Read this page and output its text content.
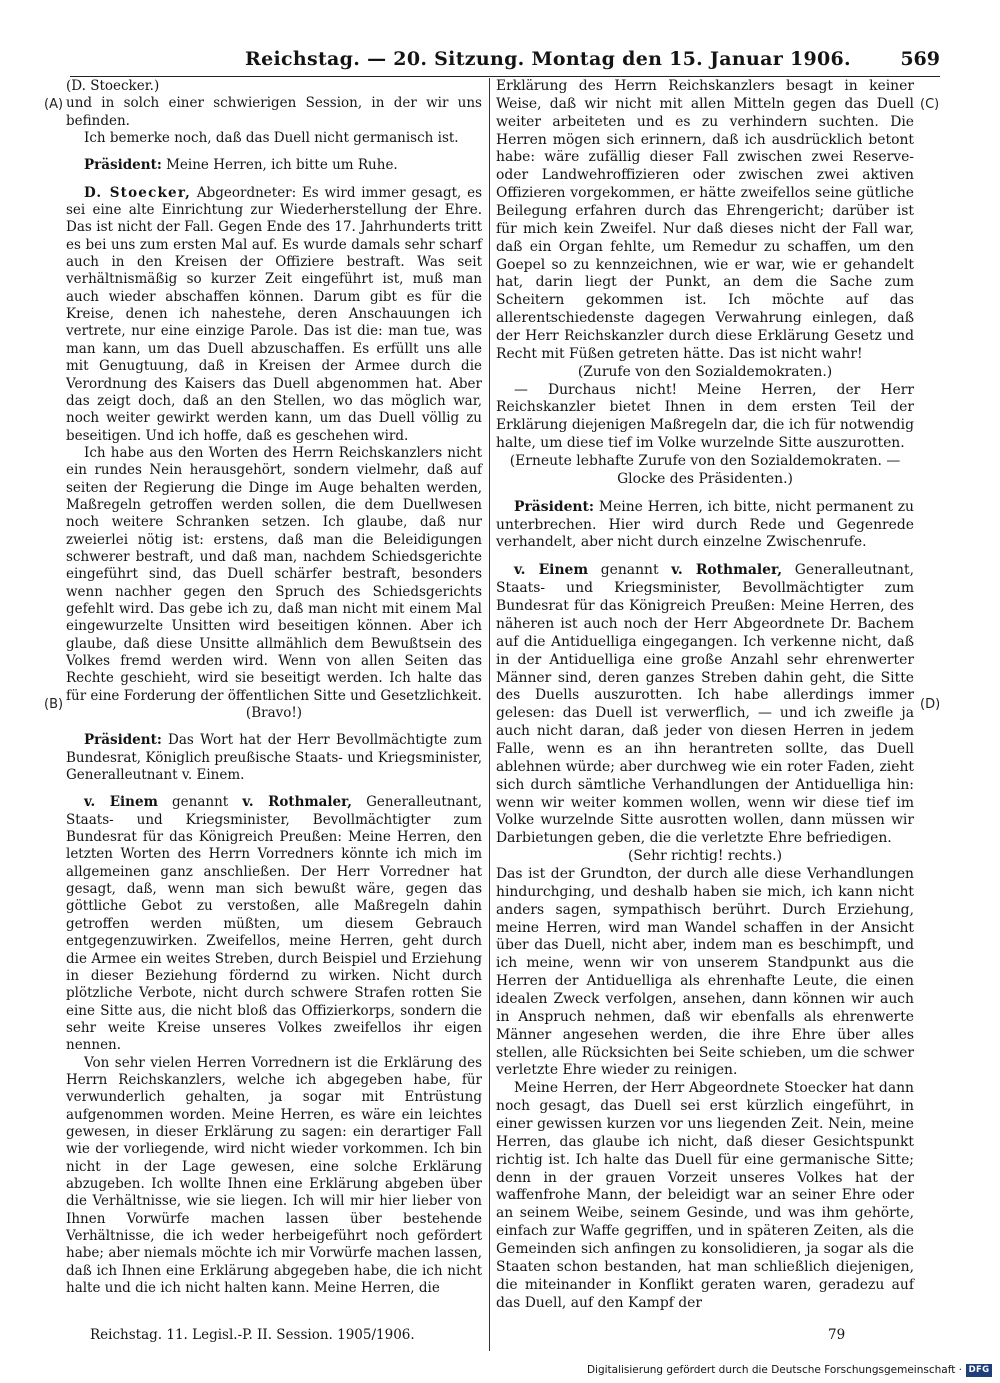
Reichstag. — 20. Sitzung. Montag den 15. Januar 1906.	569
(A)
(B)
(C)
(D)

(D. Stoecker.)

und in solch einer schwierigen Session, in der wir uns befinden.

Ich bemerke noch, daß das Duell nicht germanisch ist.

Präsident: Meine Herren, ich bitte um Ruhe.

D. Stoecker, Abgeordneter: Es wird immer gesagt, es sei eine alte Einrichtung zur Wiederherstellung der Ehre. Das ist nicht der Fall. Gegen Ende des 17. Jahrhunderts tritt es bei uns zum ersten Mal auf. Es wurde damals sehr scharf auch in den Kreisen der Offiziere bestraft. Was seit verhältnismäßig so kurzer Zeit eingeführt ist, muß man auch wieder abschaffen können. Darum gibt es für die Kreise, denen ich nahestehe, deren Anschauungen ich vertrete, nur eine einzige Parole. Das ist die: man tue, was man kann, um das Duell abzuschaffen. Es erfüllt uns alle mit Genugtuung, daß in Kreisen der Armee durch die Verordnung des Kaisers das Duell abgenommen hat. Aber das zeigt doch, daß an den Stellen, wo das möglich war, noch weiter gewirkt werden kann, um das Duell völlig zu beseitigen. Und ich hoffe, daß es geschehen wird.

Ich habe aus den Worten des Herrn Reichskanzlers nicht ein rundes Nein herausgehört, sondern vielmehr, daß auf seiten der Regierung die Dinge im Auge behalten werden, Maßregeln getroffen werden sollen, die dem Duellwesen noch weitere Schranken setzen. Ich glaube, daß nur zweierlei nötig ist: erstens, daß man die Beleidigungen schwerer bestraft, und daß man, nachdem Schiedsgerichte eingeführt sind, das Duell schärfer bestraft, besonders wenn nachher gegen den Spruch des Schiedsgerichts gefehlt wird. Das gebe ich zu, daß man nicht mit einem Mal eingewurzelte Unsitten wird beseitigen können. Aber ich glaube, daß diese Unsitte allmählich dem Bewußtsein des Volkes fremd werden wird. Wenn von allen Seiten das Rechte geschieht, wird sie beseitigt werden. Ich halte das für eine Forderung der öffentlichen Sitte und Gesetzlichkeit.

(Bravo!)

Präsident: Das Wort hat der Herr Bevollmächtigte zum Bundesrat, Königlich preußische Staats- und Kriegsminister, Generalleutnant v. Einem.

v. Einem genannt v. Rothmaler, Generalleutnant, Staats- und Kriegsminister, Bevollmächtigter zum Bundesrat für das Königreich Preußen: Meine Herren, den letzten Worten des Herrn Vorredners könnte ich mich im allgemeinen ganz anschließen. Der Herr Vorredner hat gesagt, daß, wenn man sich bewußt wäre, gegen das göttliche Gebot zu verstoßen, alle Maßregeln dahin getroffen werden müßten, um diesem Gebrauch entgegenzuwirken. Zweifellos, meine Herren, geht durch die Armee ein weites Streben, durch Beispiel und Erziehung in dieser Beziehung fördernd zu wirken. Nicht durch plötzliche Verbote, nicht durch schwere Strafen rotten Sie eine Sitte aus, die nicht bloß das Offizierkorps, sondern die sehr weite Kreise unseres Volkes zweifellos ihr eigen nennen.

Von sehr vielen Herren Vorrednern ist die Erklärung des Herrn Reichskanzlers, welche ich abgegeben habe, für verwunderlich gehalten, ja sogar mit Entrüstung aufgenommen worden. Meine Herren, es wäre ein leichtes gewesen, in dieser Erklärung zu sagen: ein derartiger Fall wie der vorliegende, wird nicht wieder vorkommen. Ich bin nicht in der Lage gewesen, eine solche Erklärung abzugeben. Ich wollte Ihnen eine Erklärung abgeben über die Verhältnisse, wie sie liegen. Ich will mir hier lieber von Ihnen Vorwürfe machen lassen über bestehende Verhältnisse, die ich weder herbeigeführt noch gefördert habe; aber niemals möchte ich mir Vorwürfe machen lassen, daß ich Ihnen eine Erklärung abgegeben habe, die ich nicht halte und die ich nicht halten kann. Meine Herren, die

Erklärung des Herrn Reichskanzlers besagt in keiner Weise, daß wir nicht mit allen Mitteln gegen das Duell weiter arbeiteten und es zu verhindern suchten. Die Herren mögen sich erinnern, daß ich ausdrücklich betont habe: wäre zufällig dieser Fall zwischen zwei Reserve- oder Landwehroffizieren oder zwischen zwei aktiven Offizieren vorgekommen, er hätte zweifellos seine gütliche Beilegung erfahren durch das Ehrengericht; darüber ist für mich kein Zweifel. Nur daß dieses nicht der Fall war, daß ein Organ fehlte, um Remedur zu schaffen, um den Goepel so zu kennzeichnen, wie er war, wie er gehandelt hat, darin liegt der Punkt, an dem die Sache zum Scheitern gekommen ist. Ich möchte auf das allerentschiedenste dagegen Verwahrung einlegen, daß der Herr Reichskanzler durch diese Erklärung Gesetz und Recht mit Füßen getreten hätte. Das ist nicht wahr!

(Zurufe von den Sozialdemokraten.)

— Durchaus nicht! Meine Herren, der Herr Reichskanzler bietet Ihnen in dem ersten Teil der Erklärung diejenigen Maßregeln dar, die ich für notwendig halte, um diese tief im Volke wurzelnde Sitte auszurotten.

(Erneute lebhafte Zurufe von den Sozialdemokraten. — Glocke des Präsidenten.)

Präsident: Meine Herren, ich bitte, nicht permanent zu unterbrechen. Hier wird durch Rede und Gegenrede verhandelt, aber nicht durch einzelne Zwischenrufe.

v. Einem genannt v. Rothmaler, Generalleutnant, Staats- und Kriegsminister, Bevollmächtigter zum Bundesrat für das Königreich Preußen: Meine Herren, des näheren ist auch noch der Herr Abgeordnete Dr. Bachem auf die Antiduelliga eingegangen. Ich verkenne nicht, daß in der Antiduelliga eine große Anzahl sehr ehrenwerter Männer sind, deren ganzes Streben dahin geht, die Sitte des Duells auszurotten. Ich habe allerdings immer gelesen: das Duell ist verwerflich, — und ich zweifle ja auch nicht daran, daß jeder von diesen Herren in jedem Falle, wenn es an ihn herantreten sollte, das Duell ablehnen würde; aber durchweg wie ein roter Faden, zieht sich durch sämtliche Verhandlungen der Antiduelliga hin: wenn wir weiter kommen wollen, wenn wir diese tief im Volke wurzelnde Sitte ausrotten wollen, dann müssen wir Darbietungen geben, die die verletzte Ehre befriedigen.

(Sehr richtig! rechts.)

Das ist der Grundton, der durch alle diese Verhandlungen hindurchging, und deshalb haben sie mich, ich kann nicht anders sagen, sympathisch berührt. Durch Erziehung, meine Herren, wird man Wandel schaffen in der Ansicht über das Duell, nicht aber, indem man es beschimpft, und ich meine, wenn wir von unserem Standpunkt aus die Herren der Antiduelliga als ehrenhafte Leute, die einen idealen Zweck verfolgen, ansehen, dann können wir auch in Anspruch nehmen, daß wir ebenfalls als ehrenwerte Männer angesehen werden, die ihre Ehre über alles stellen, alle Rücksichten bei Seite schieben, um die schwer verletzte Ehre wieder zu reinigen.

Meine Herren, der Herr Abgeordnete Stoecker hat dann noch gesagt, das Duell sei erst kürzlich eingeführt, in einer gewissen kurzen vor uns liegenden Zeit. Nein, meine Herren, das glaube ich nicht, daß dieser Gesichtspunkt richtig ist. Ich halte das Duell für eine germanische Sitte; denn in der grauen Vorzeit unseres Volkes hat der waffenfrohe Mann, der beleidigt war an seiner Ehre oder an seinem Weibe, seinem Gesinde, und was ihm gehörte, einfach zur Waffe gegriffen, und in späteren Zeiten, als die Gemeinden sich anfingen zu konsolidieren, ja sogar als die Staaten schon bestanden, hat man schließlich diejenigen, die miteinander in Konflikt geraten waren, geradezu auf das Duell, auf den Kampf der

Reichstag. 11. Legisl.-P. II. Session. 1905/1906.	79
Digitalisierung gefördert durch die Deutsche Forschungsgemeinschaft · DFG
